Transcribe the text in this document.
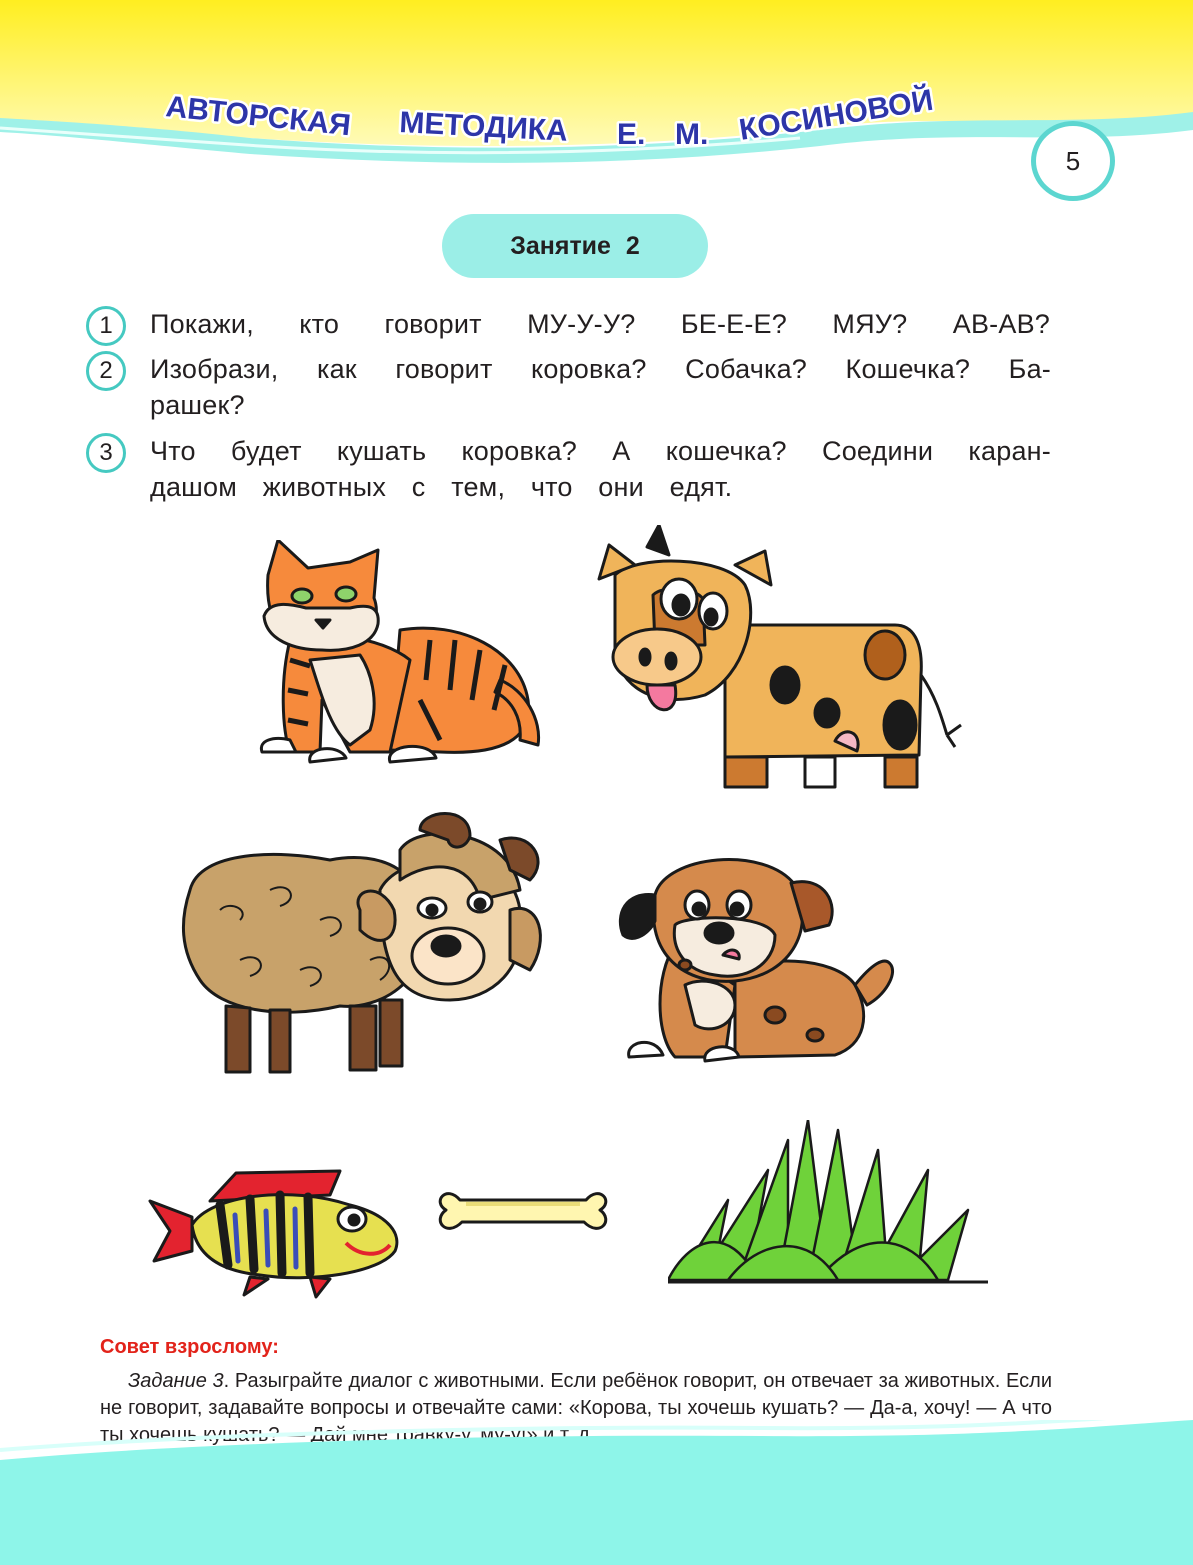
АВТОРСКАЯ МЕТОДИКА Е. М. КОСИНОВОЙ
5
Занятие 2
1	Покажи, кто говорит МУ-У-У? БЕ-Е-Е? МЯУ? АВ-АВ?
2	Изобрази, как говорит коровка? Собачка? Кошечка? Ба-
рашек?
3	Что будет кушать коровка? А кошечка? Соедини каран-
дашом животных с тем, что они едят.
Совет взрослому:
Задание 3. Разыграйте диалог с животными. Если ребёнок говорит, он отвечает за животных. Если не говорит, задавайте вопросы и отвечайте сами: «Корова, ты хочешь кушать? — Да-а, хочу! — А что ты хочешь кушать? — Дай мне травку-у, му-у!» и т. д.
